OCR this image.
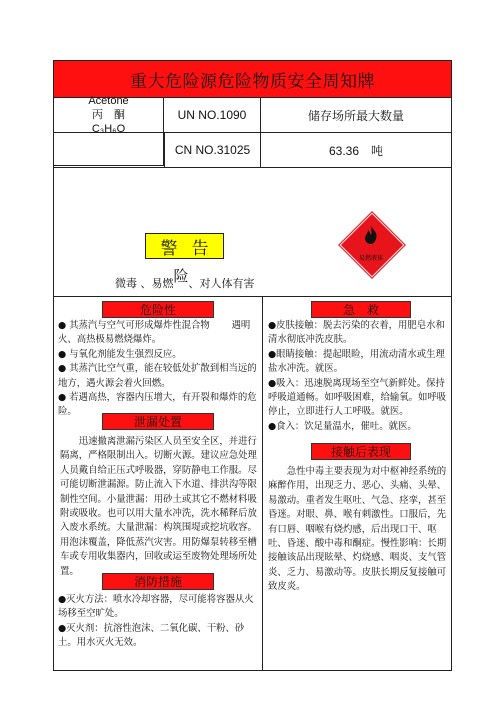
重大危险源危险物质安全周知牌
Acetone
丙　酮
C₃H₆O
UN NO.1090	储存场所最大数量
CN NO.31025	63.36　吨
警告
微毒 、易燃险、对人体有害
易燃液体
危险性

● 其蒸汽与空气可形成爆炸性混合物　　 遇明火、高热极易燃烧爆炸。

● 与氧化剂能发生强烈反应。

● 其蒸汽比空气重，能在较低处扩散到相当远的地方，遇火源会着火回燃。

● 若遇高热，容器内压增大，有开裂和爆炸的危险。

泄漏处置
迅速撤离泄漏污染区人员至安全区，并进行隔离，严格限制出入。切断火源。建议应急处理人员戴自给正压式呼吸器，穿防静电工作服。尽可能切断泄漏源。防止流入下水道、排洪沟等限制性空间。小量泄漏：用砂土或其它不燃材料吸附或吸收。也可以用大量水冲洗，洗水稀释后放入废水系统。大量泄漏：构筑围堤或挖坑收容。用泡沫覆盖，降低蒸汽灾害。用防爆泵转移至槽车或专用收集器内，回收或运至废物处理场所处置。
消防措施

●灭火方法：喷水冷却容器，尽可能将容器从火场移至空旷处。

●灭火剂：抗溶性泡沫、二氧化碳、干粉、砂土。用水灭火无效。

急　救

●皮肤接触：脱去污染的衣着，用肥皂水和清水彻底冲洗皮肤。

●眼睛接触：提起眼睑，用流动清水或生理盐水冲洗。就医。

●吸入：迅速脱离现场至空气新鲜处。保持呼吸道通畅。如呼吸困难，给输氧。如呼吸停止，立即进行人工呼吸。就医。

●食入：饮足量温水，催吐。就医。

接触后表现
急性中毒主要表现为对中枢神经系统的麻醉作用，出现乏力、恶心、头痛、头晕、易激动。重者发生呕吐、气急、痉挛，甚至昏迷。对眼、鼻、喉有刺激性。口服后，先有口唇、咽喉有烧灼感，后出现口干、呕吐、昏迷、酸中毒和酮症。慢性影响：长期接触该品出现眩晕、灼烧感、咽炎、支气管炎、乏力、易激动等。皮肤长期反复接触可致皮炎。
